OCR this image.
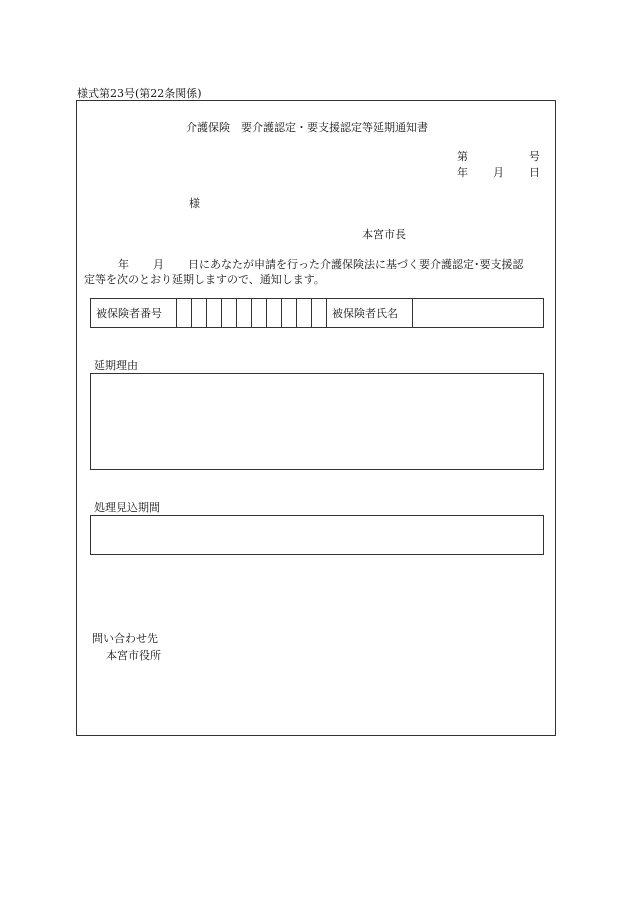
様式第23号(第22条関係)
介護保険　要介護認定・要支援認定等延期通知書
第	号
年 月 日
様
本宮市長
年 月 日にあなたが申請を行った介護保険法に基づく要介護認定･要支援認
定等を次のとおり延期しますので、通知します。
被保険者番号											被保険者氏名	
延期理由
処理見込期間
問い合わせ先
本宮市役所
